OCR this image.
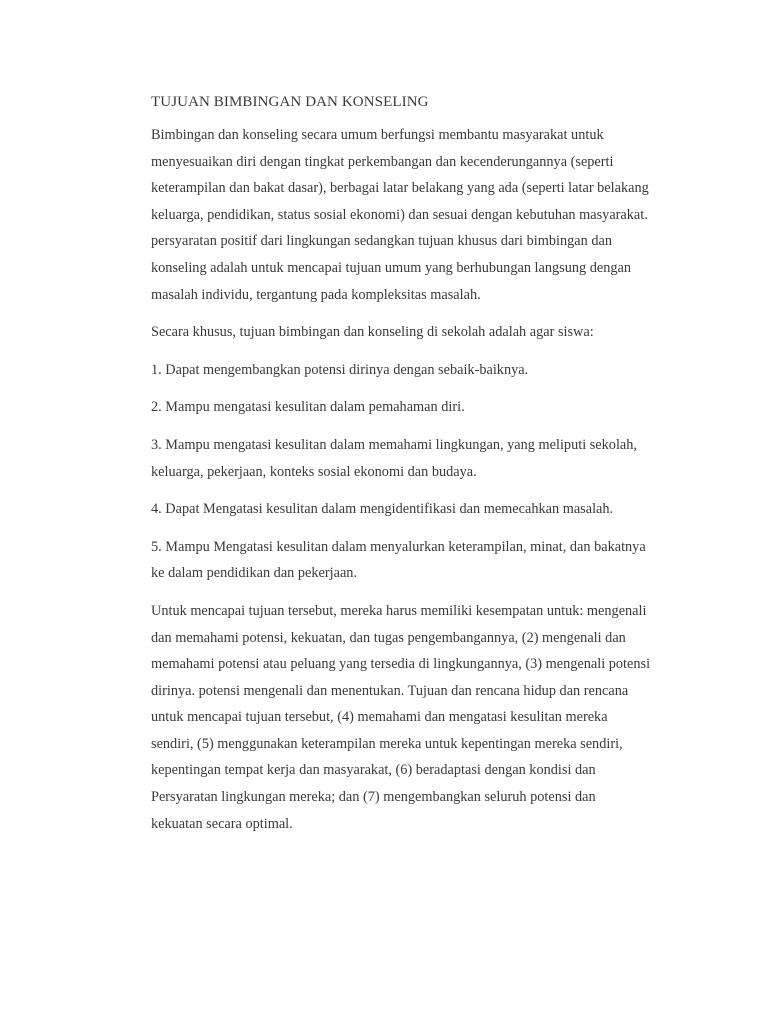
TUJUAN BIMBINGAN DAN KONSELING

Bimbingan dan konseling secara umum berfungsi membantu masyarakat untuk
menyesuaikan diri dengan tingkat perkembangan dan kecenderungannya (seperti
keterampilan dan bakat dasar), berbagai latar belakang yang ada (seperti latar belakang
keluarga, pendidikan, status sosial ekonomi) dan sesuai dengan kebutuhan masyarakat.
persyaratan positif dari lingkungan sedangkan tujuan khusus dari bimbingan dan
konseling adalah untuk mencapai tujuan umum yang berhubungan langsung dengan
masalah individu, tergantung pada kompleksitas masalah.

Secara khusus, tujuan bimbingan dan konseling di sekolah adalah agar siswa:

1. Dapat mengembangkan potensi dirinya dengan sebaik-baiknya.

2. Mampu mengatasi kesulitan dalam pemahaman diri.

3. Mampu mengatasi kesulitan dalam memahami lingkungan, yang meliputi sekolah,
keluarga, pekerjaan, konteks sosial ekonomi dan budaya.

4. Dapat Mengatasi kesulitan dalam mengidentifikasi dan memecahkan masalah.

5. Mampu Mengatasi kesulitan dalam menyalurkan keterampilan, minat, dan bakatnya
ke dalam pendidikan dan pekerjaan.

Untuk mencapai tujuan tersebut, mereka harus memiliki kesempatan untuk: mengenali
dan memahami potensi, kekuatan, dan tugas pengembangannya, (2) mengenali dan
memahami potensi atau peluang yang tersedia di lingkungannya, (3) mengenali potensi
dirinya. potensi mengenali dan menentukan. Tujuan dan rencana hidup dan rencana
untuk mencapai tujuan tersebut, (4) memahami dan mengatasi kesulitan mereka
sendiri, (5) menggunakan keterampilan mereka untuk kepentingan mereka sendiri,
kepentingan tempat kerja dan masyarakat, (6) beradaptasi dengan kondisi dan
Persyaratan lingkungan mereka; dan (7) mengembangkan seluruh potensi dan
kekuatan secara optimal.
